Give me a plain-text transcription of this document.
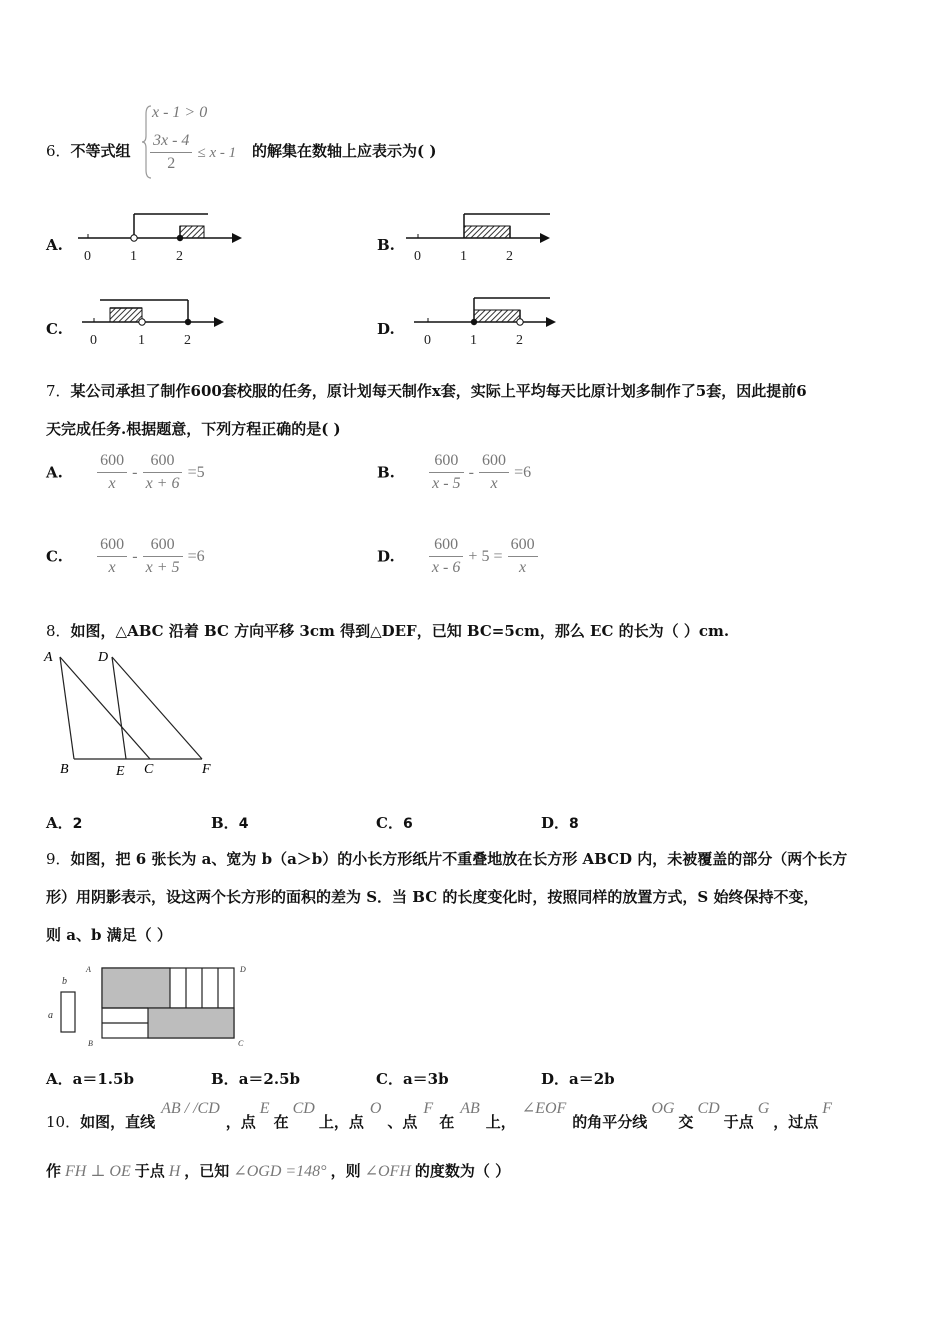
6．不等式组
x - 1 > 0
$\frac{3x - 4}{2} \le x - 1$ 的解集在数轴上应表示为( )
A.	B.
C.	D.
0	1	2	0	1	2
0	1	2	0	1	2
7．某公司承担了制作600套校服的任务，原计划每天制作x套，实际上平均每天比原计划多制作了5套，因此提前6
天完成任务.根据题意，下列方程正确的是( )
A. $\frac{600}{x} - \frac{600}{x + 6} =5$	B. $\frac{600}{x - 5} - \frac{600}{x} =6$
C. $\frac{600}{x} - \frac{600}{x + 5} =6$	D. $\frac{600}{x - 6} + 5 = \frac{600}{x}$
8．如图，△ABC 沿着 BC 方向平移 3cm 得到△DEF，已知 BC=5cm，那么 EC 的长为（ ）cm.
A	D
B	E C	F
A．2	B．4	C．6	D．8
9．如图，把 6 张长为 a、宽为 b（a＞b）的小长方形纸片不重叠地放在长方形 ABCD 内，未被覆盖的部分（两个长方
形）用阴影表示，设这两个长方形的面积的差为 S．当 BC 的长度变化时，按照同样的放置方式，S 始终保持不变，
则 a、b 满足（ ）
b
a
A	D
B	C
A．a＝1.5b	B．a＝2.5b	C．a＝3b	D．a＝2b
10．如图，直线AB / /CD，点E在CD上，点O、点F在AB上，∠EOF的角平分线OG交CD于点G，过点F
作 FH ⊥ OE 于点 H ，已知 ∠OGD =148° ，则 ∠OFH 的度数为（ ）
